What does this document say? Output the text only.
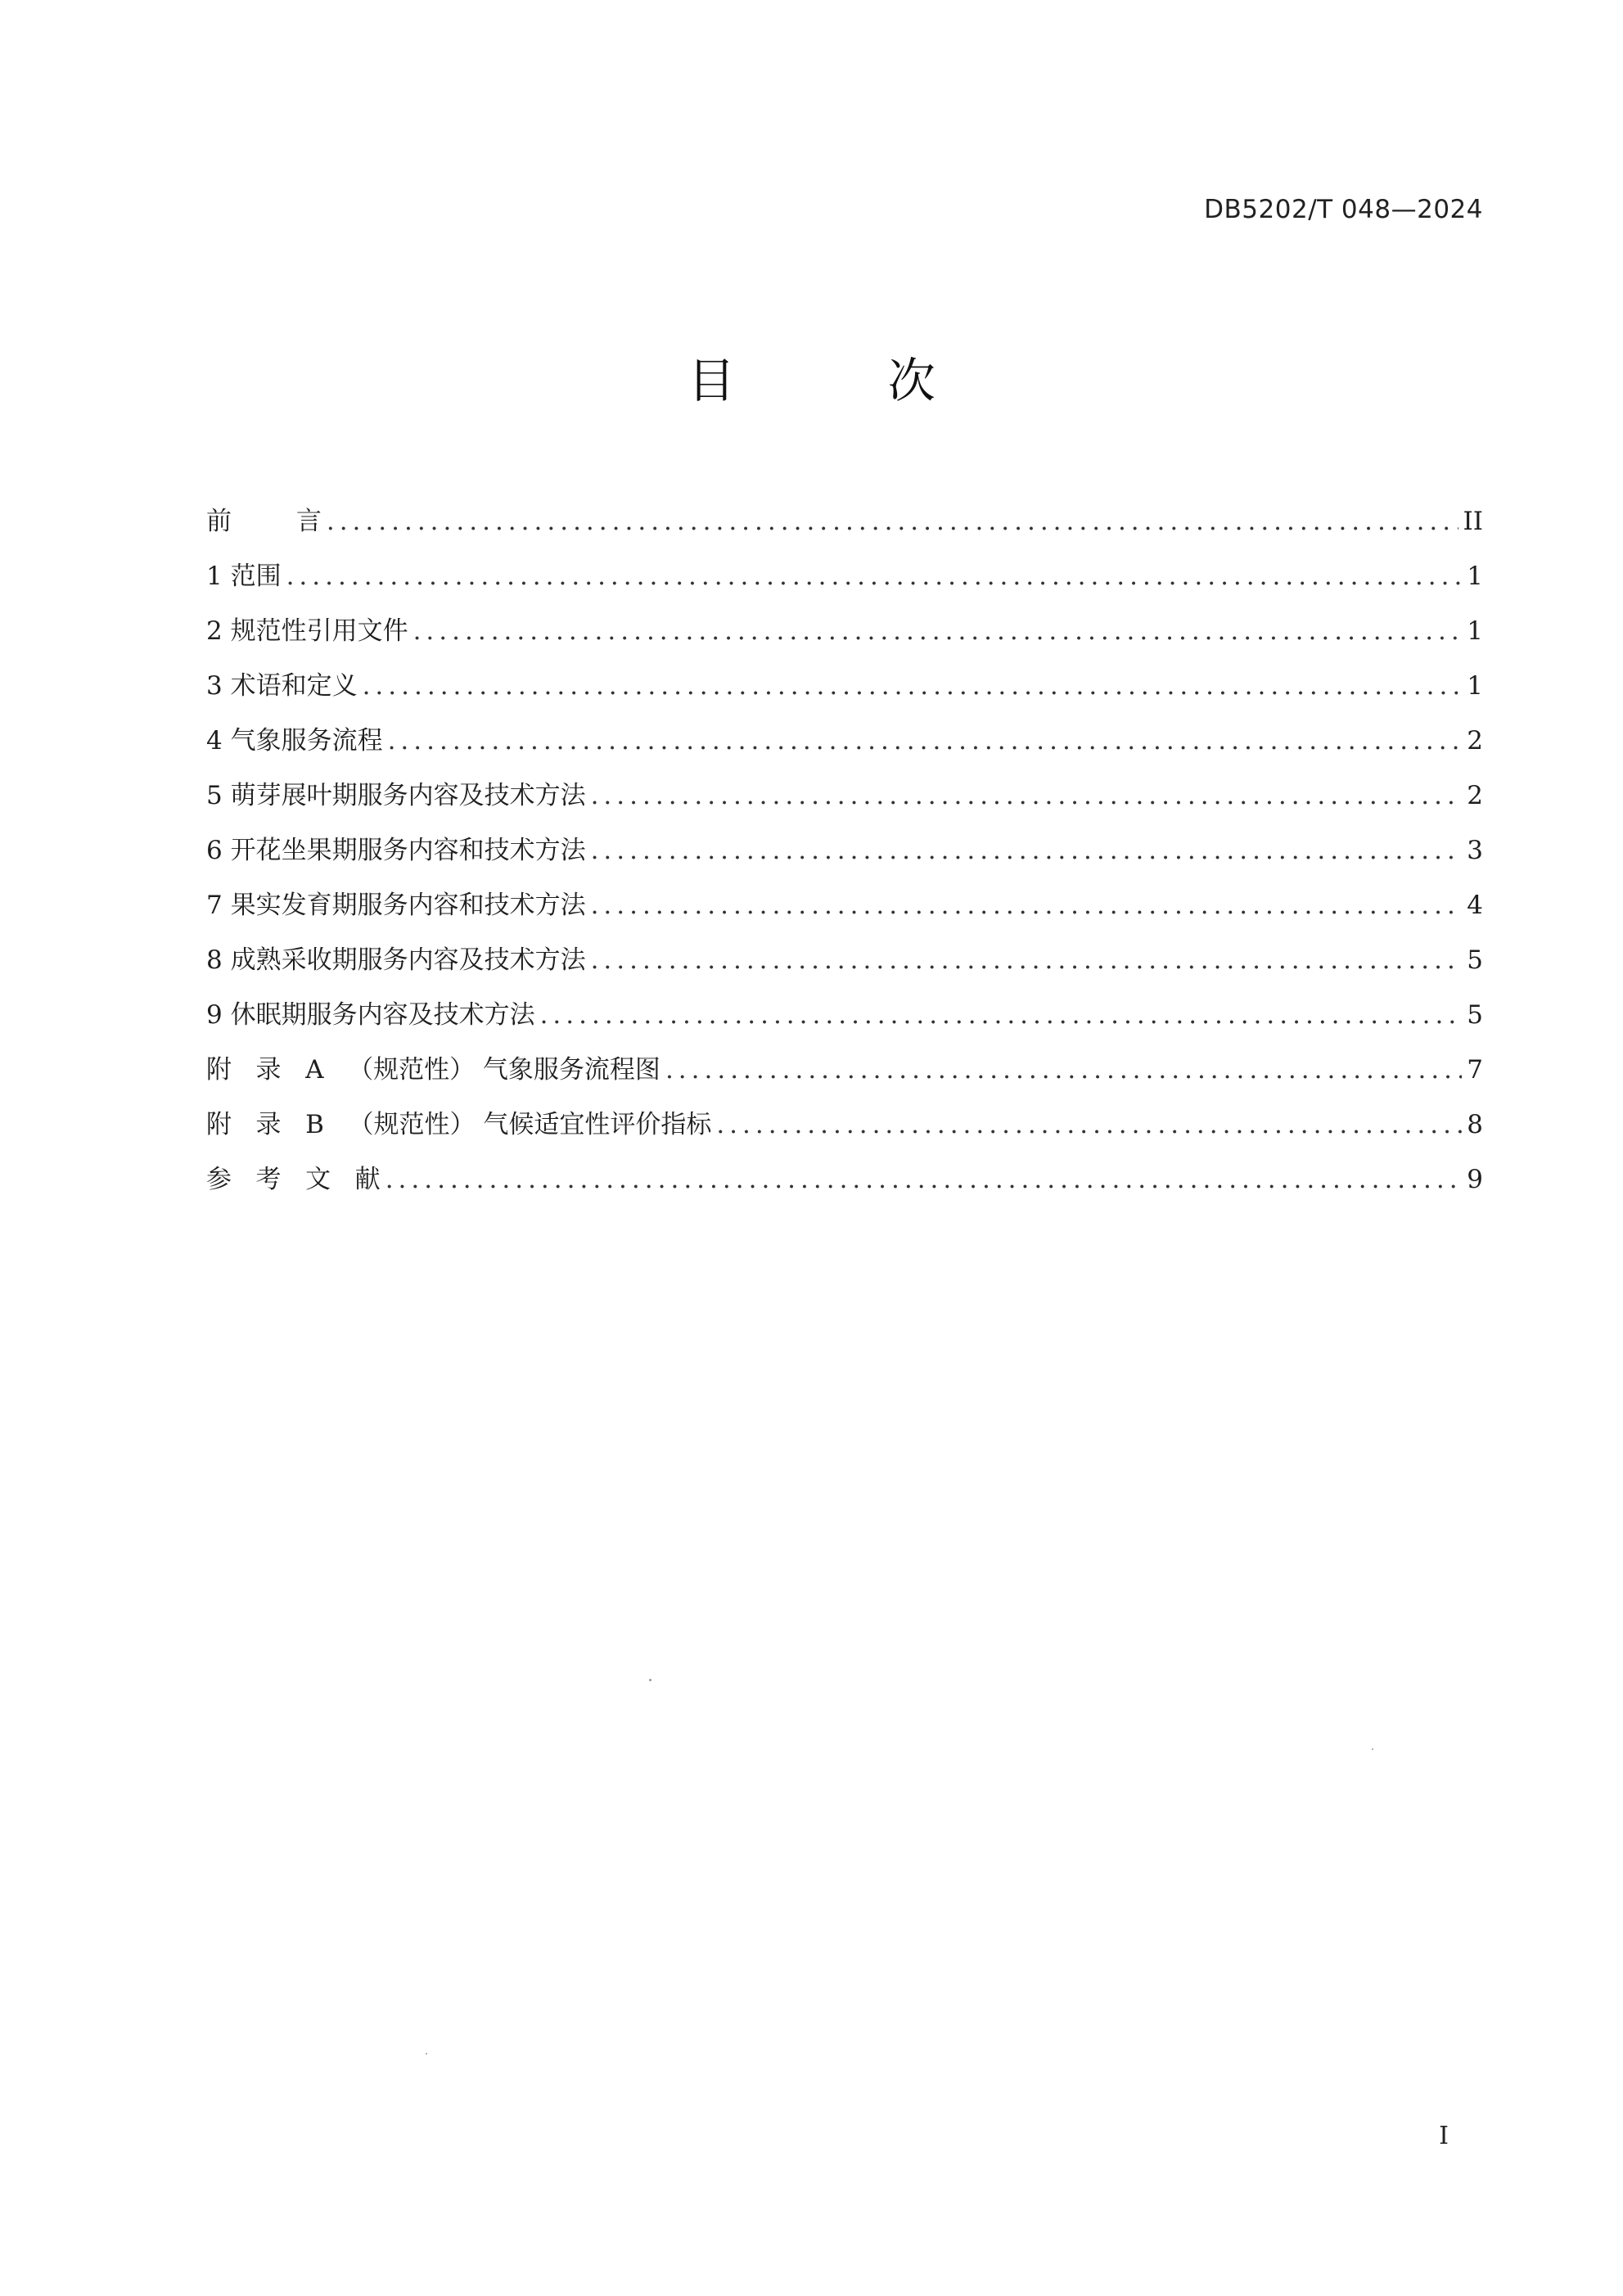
DB5202/T 048—2024
目 次
前        言 .....	II
1 范围 .....	1
2 规范性引用文件 .....	1
3 术语和定义 .....	1
4 气象服务流程 .....	2
5 萌芽展叶期服务内容及技术方法 .....	2
6 开花坐果期服务内容和技术方法 .....	3
7 果实发育期服务内容和技术方法 .....	4
8 成熟采收期服务内容及技术方法 .....	5
9 休眠期服务内容及技术方法 .....	5
附   录   A   （规范性） 气象服务流程图 .....	7
附   录   B   （规范性） 气候适宜性评价指标 .....	8
参   考   文   献 .....	9
I
